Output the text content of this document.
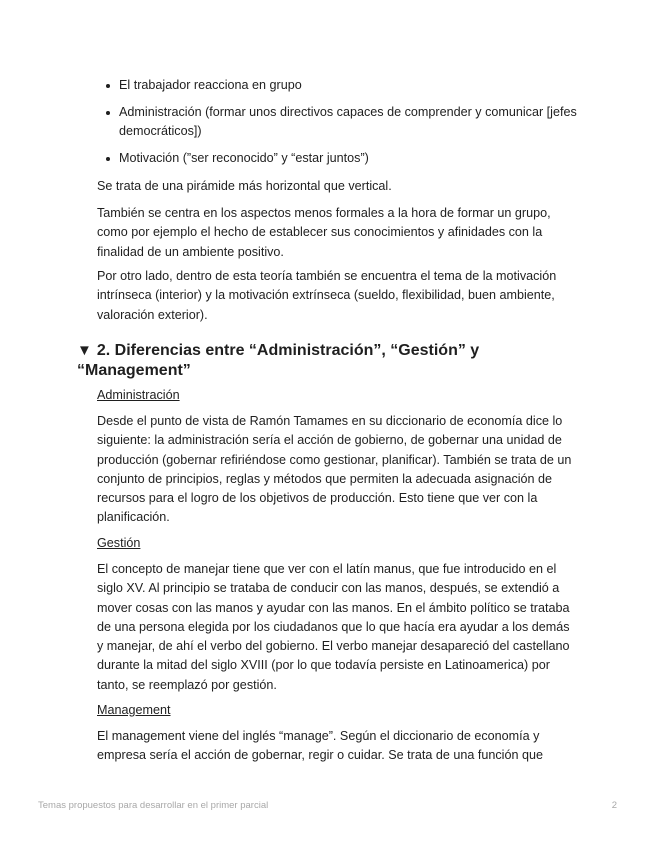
El trabajador reacciona en grupo
Administración (formar unos directivos capaces de comprender y comunicar [jefes democráticos])
Motivación (”ser reconocido” y “estar juntos”)

Se trata de una pirámide más horizontal que vertical.

También se centra en los aspectos menos formales a la hora de formar un grupo, como por ejemplo el hecho de establecer sus conocimientos y afinidades con la finalidad de un ambiente positivo.

Por otro lado, dentro de esta teoría también se encuentra el tema de la motivación intrínseca (interior) y la motivación extrínseca (sueldo, flexibilidad, buen ambiente, valoración exterior).

▼ 2. Diferencias entre “Administración”, “Gestión” y “Management”

Administración

Desde el punto de vista de Ramón Tamames en su diccionario de economía dice lo siguiente: la administración sería el acción de gobierno, de gobernar una unidad de producción (gobernar refiriéndose como gestionar, planificar). También se trata de un conjunto de principios, reglas y métodos que permiten la adecuada asignación de recursos para el logro de los objetivos de producción. Esto tiene que ver con la planificación.

Gestión

El concepto de manejar tiene que ver con el latín manus, que fue introducido en el siglo XV. Al principio se trataba de conducir con las manos, después, se extendió a mover cosas con las manos y ayudar con las manos. En el ámbito político se trataba de una persona elegida por los ciudadanos que lo que hacía era ayudar a los demás y manejar, de ahí el verbo del gobierno. El verbo manejar desapareció del castellano durante la mitad del siglo XVIII (por lo que todavía persiste en Latinoamerica) por tanto, se reemplazó por gestión.

Management

El management viene del inglés “manage”. Según el diccionario de economía y empresa sería el acción de gobernar, regir o cuidar. Se trata de una función que

Temas propuestos para desarrollar en el primer parcial	2
